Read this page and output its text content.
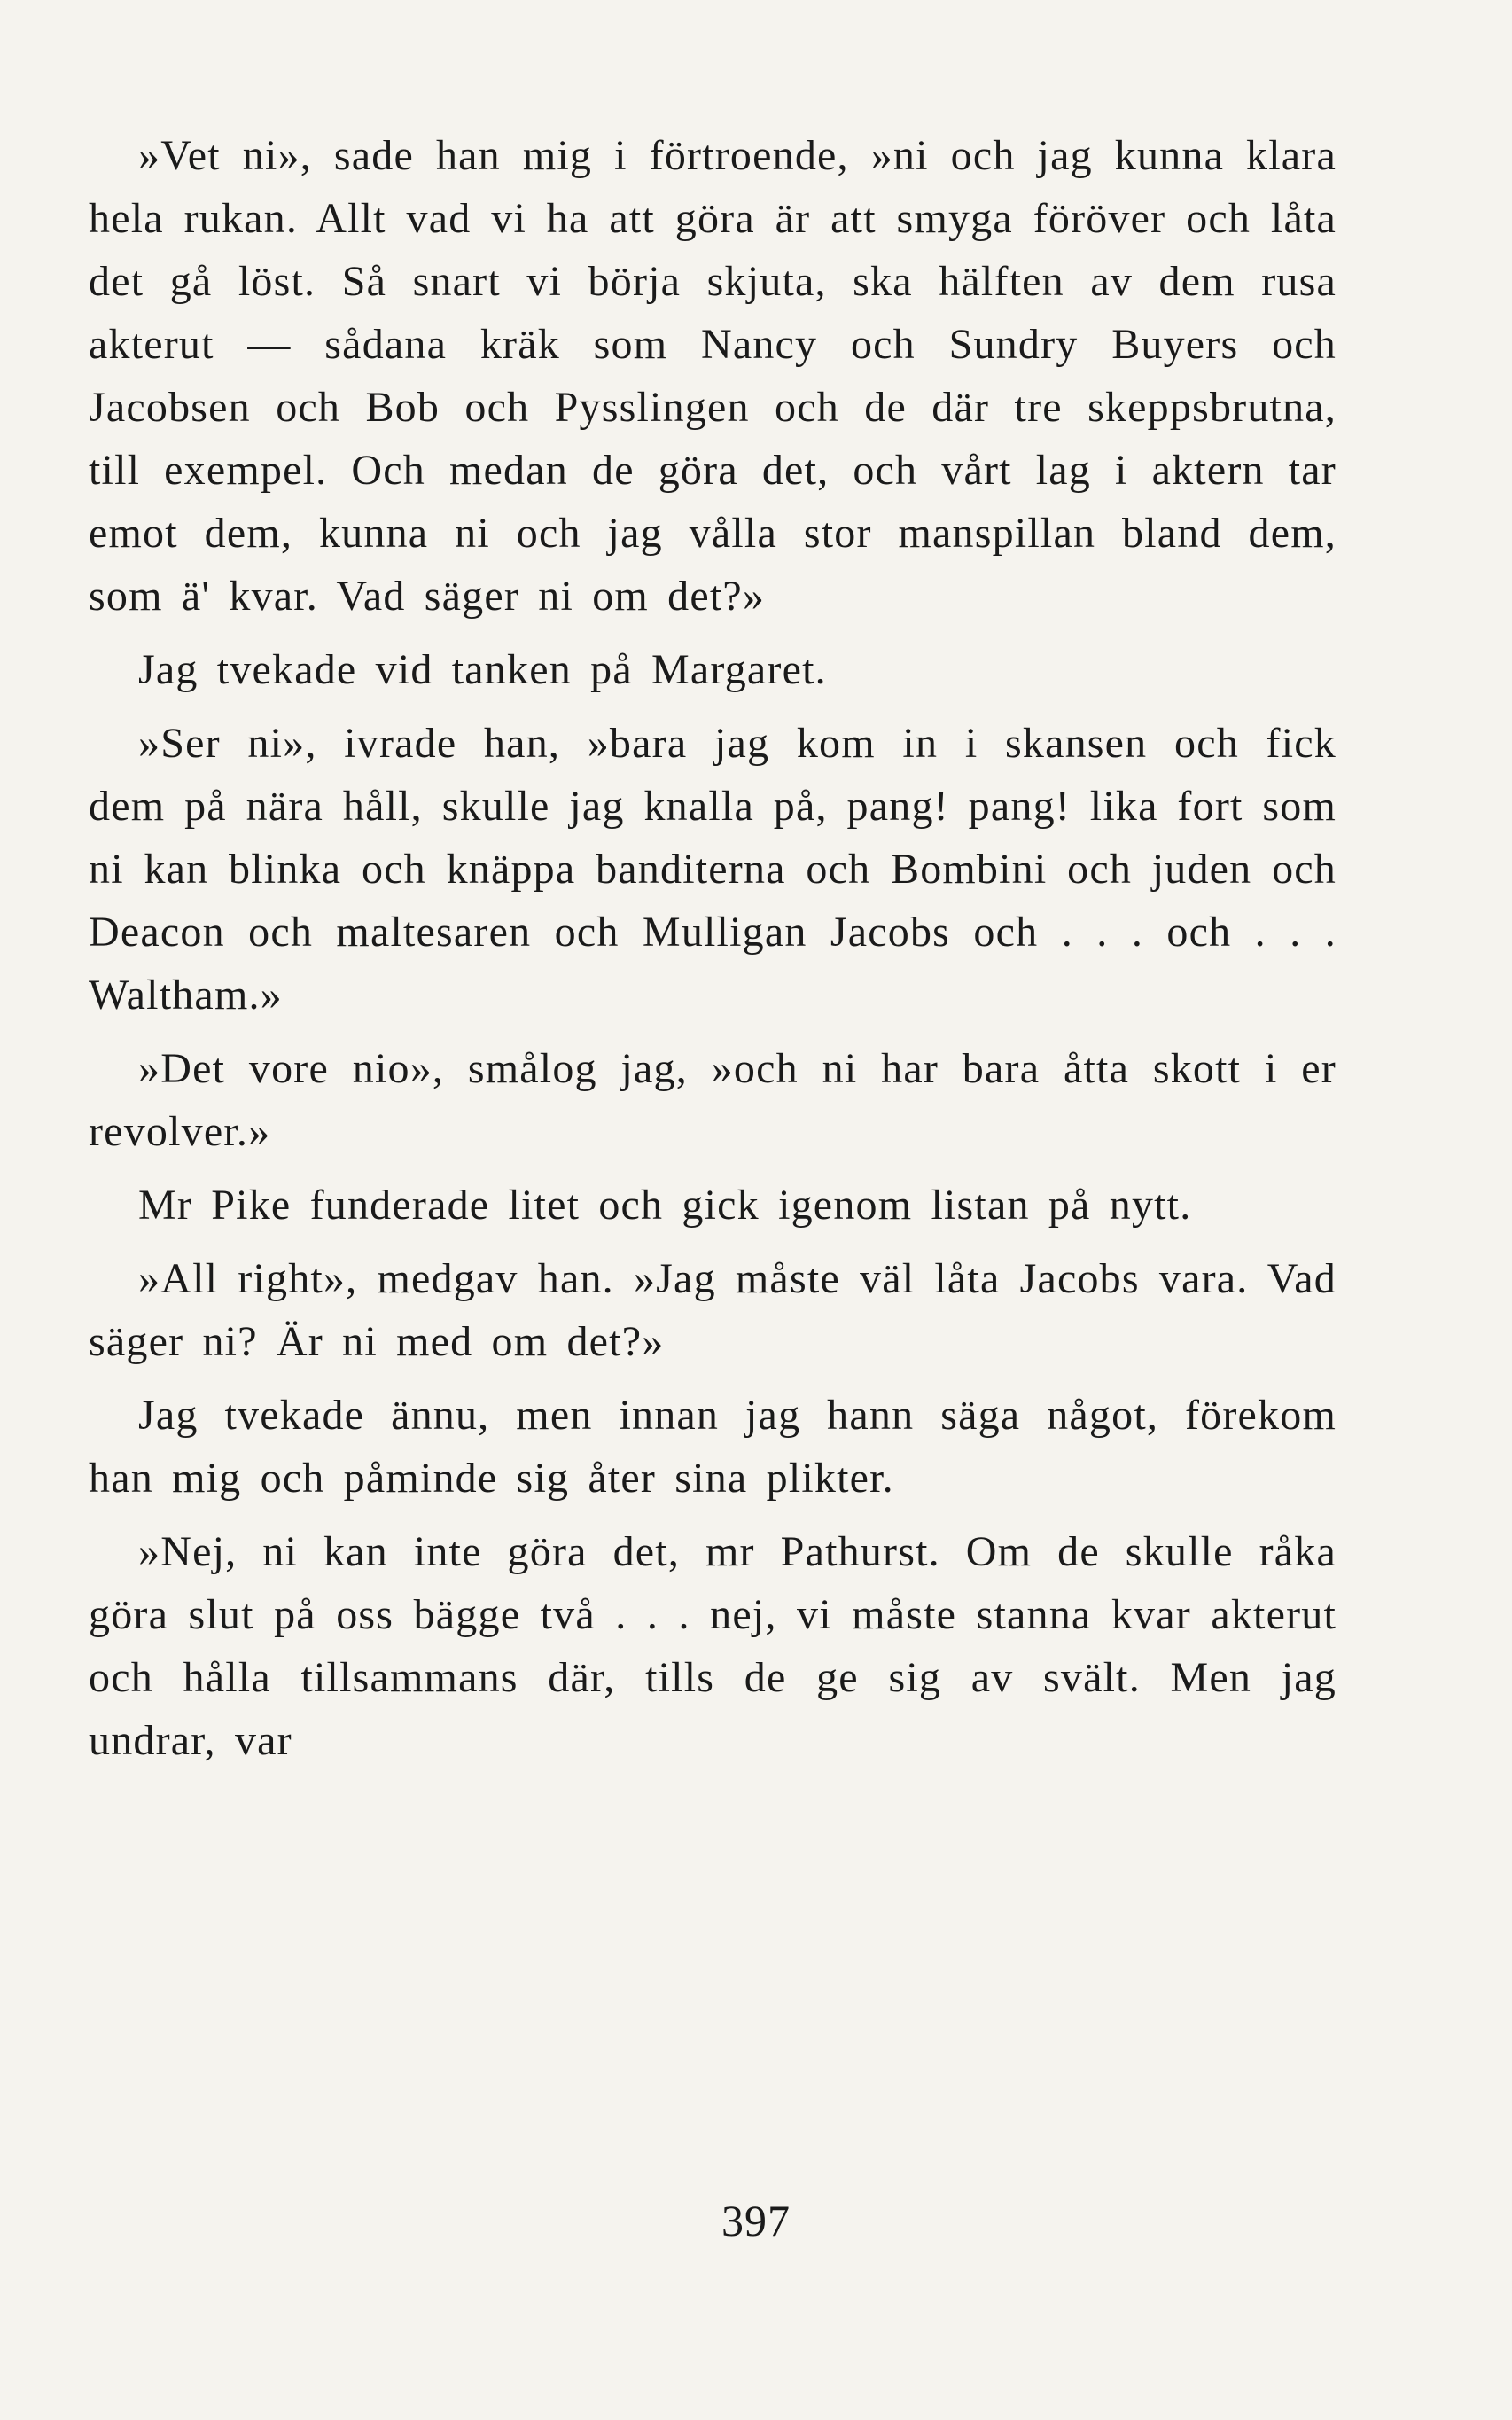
»Vet ni», sade han mig i förtroende, »ni och jag kunna klara hela rukan. Allt vad vi ha att göra är att smyga föröver och låta det gå löst. Så snart vi börja skjuta, ska hälften av dem rusa akterut — sådana kräk som Nancy och Sundry Buyers och Jacobsen och Bob och Pysslingen och de där tre skeppsbrutna, till exempel. Och medan de göra det, och vårt lag i aktern tar emot dem, kunna ni och jag vålla stor manspillan bland dem, som ä' kvar. Vad säger ni om det?»

Jag tvekade vid tanken på Margaret.

»Ser ni», ivrade han, »bara jag kom in i skansen och fick dem på nära håll, skulle jag knalla på, pang! pang! lika fort som ni kan blinka och knäppa banditerna och Bombini och juden och Deacon och maltesaren och Mulligan Jacobs och . . . och . . . Waltham.»

»Det vore nio», smålog jag, »och ni har bara åtta skott i er revolver.»

Mr Pike funderade litet och gick igenom listan på nytt.

»All right», medgav han. »Jag måste väl låta Jacobs vara. Vad säger ni? Är ni med om det?»

Jag tvekade ännu, men innan jag hann säga något, förekom han mig och påminde sig åter sina plikter.

»Nej, ni kan inte göra det, mr Pathurst. Om de skulle råka göra slut på oss bägge två . . . nej, vi måste stanna kvar akterut och hålla tillsammans där, tills de ge sig av svält. Men jag undrar, var

397
